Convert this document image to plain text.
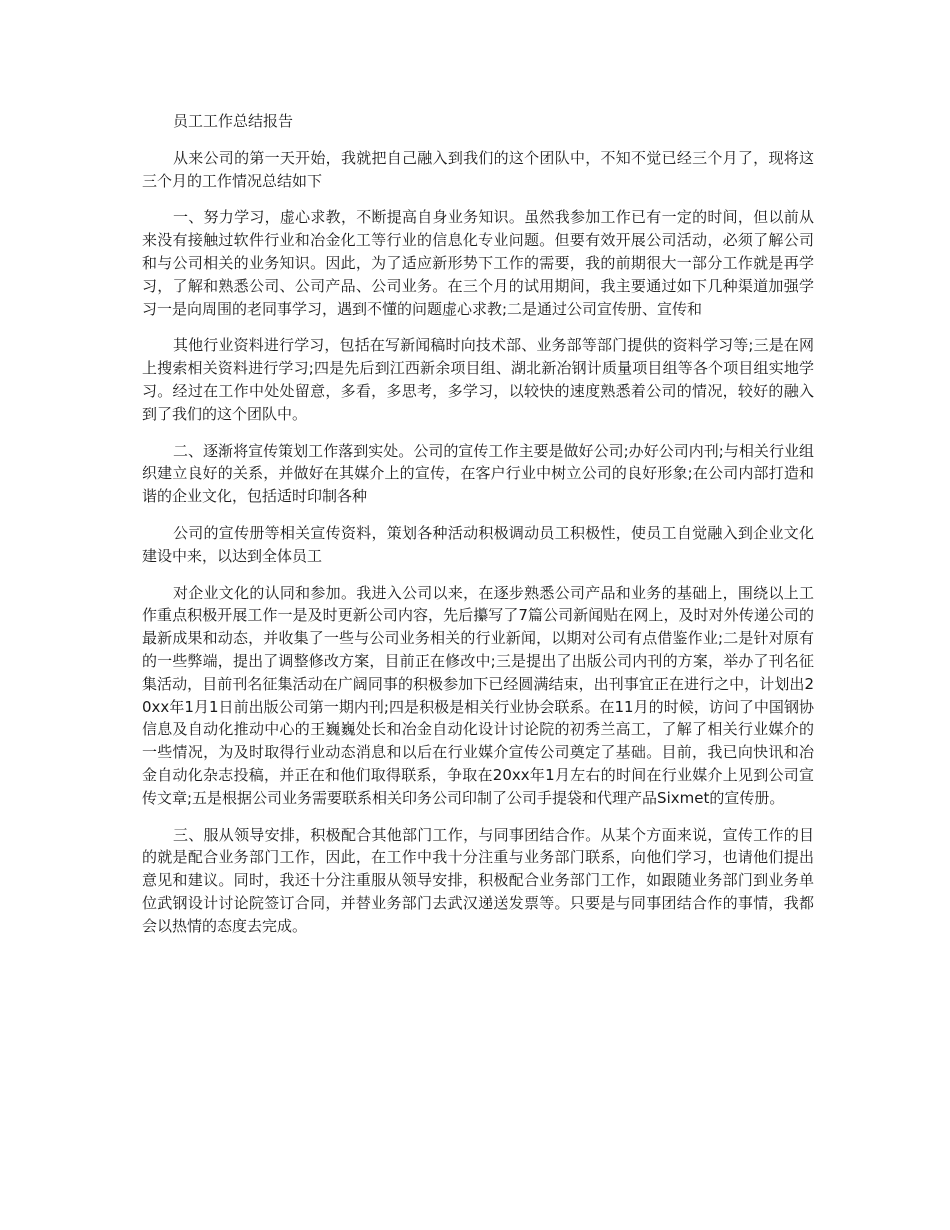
员工工作总结报告

从来公司的第一天开始，我就把自己融入到我们的这个团队中，不知不觉已经三个月了，现将这三个月的工作情况总结如下

一、努力学习，虚心求教，不断提高自身业务知识。虽然我参加工作已有一定的时间，但以前从来没有接触过软件行业和冶金化工等行业的信息化专业问题。但要有效开展公司活动，必须了解公司和与公司相关的业务知识。因此，为了适应新形势下工作的需要，我的前期很大一部分工作就是再学习，了解和熟悉公司、公司产品、公司业务。在三个月的试用期间，我主要通过如下几种渠道加强学习一是向周围的老同事学习，遇到不懂的问题虚心求教;二是通过公司宣传册、宣传和

其他行业资料进行学习，包括在写新闻稿时向技术部、业务部等部门提供的资料学习等;三是在网上搜索相关资料进行学习;四是先后到江西新余项目组、湖北新冶钢计质量项目组等各个项目组实地学习。经过在工作中处处留意，多看，多思考，多学习，以较快的速度熟悉着公司的情况，较好的融入到了我们的这个团队中。

二、逐渐将宣传策划工作落到实处。公司的宣传工作主要是做好公司;办好公司内刊;与相关行业组织建立良好的关系，并做好在其媒介上的宣传，在客户行业中树立公司的良好形象;在公司内部打造和谐的企业文化，包括适时印制各种

公司的宣传册等相关宣传资料，策划各种活动积极调动员工积极性，使员工自觉融入到企业文化建设中来，以达到全体员工

对企业文化的认同和参加。我进入公司以来，在逐步熟悉公司产品和业务的基础上，围绕以上工作重点积极开展工作一是及时更新公司内容，先后攥写了7篇公司新闻贴在网上，及时对外传递公司的最新成果和动态，并收集了一些与公司业务相关的行业新闻，以期对公司有点借鉴作业;二是针对原有的一些弊端，提出了调整修改方案，目前正在修改中;三是提出了出版公司内刊的方案，举办了刊名征集活动，目前刊名征集活动在广阔同事的积极参加下已经圆满结束，出刊事宜正在进行之中，计划出20xx年1月1日前出版公司第一期内刊;四是积极是相关行业协会联系。在11月的时候，访问了中国钢协信息及自动化推动中心的王巍巍处长和冶金自动化设计讨论院的初秀兰高工，了解了相关行业媒介的一些情况，为及时取得行业动态消息和以后在行业媒介宣传公司奠定了基础。目前，我已向快讯和冶金自动化杂志投稿，并正在和他们取得联系，争取在20xx年1月左右的时间在行业媒介上见到公司宣传文章;五是根据公司业务需要联系相关印务公司印制了公司手提袋和代理产品Sixmet的宣传册。

三、服从领导安排，积极配合其他部门工作，与同事团结合作。从某个方面来说，宣传工作的目的就是配合业务部门工作，因此，在工作中我十分注重与业务部门联系，向他们学习，也请他们提出意见和建议。同时，我还十分注重服从领导安排，积极配合业务部门工作，如跟随业务部门到业务单位武钢设计讨论院签订合同，并替业务部门去武汉递送发票等。只要是与同事团结合作的事情，我都会以热情的态度去完成。
